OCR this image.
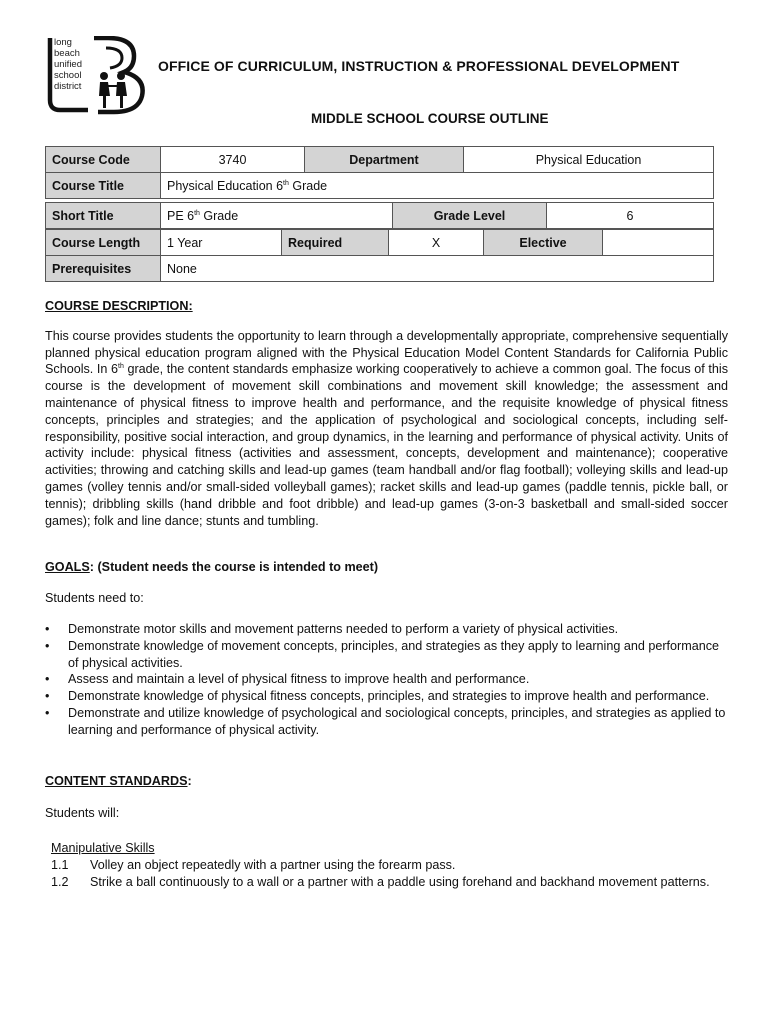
long
beach
unified
school
district
OFFICE OF CURRICULUM, INSTRUCTION & PROFESSIONAL DEVELOPMENT
MIDDLE SCHOOL COURSE OUTLINE
Course Code	3740	Department	Physical Education
Course Title	Physical Education 6th Grade		
Short Title	PE 6th Grade	Grade Level	6
Course Length	1 Year	Required	X	Elective	
Prerequisites	None
COURSE DESCRIPTION:
This course provides students the opportunity to learn through a developmentally appropriate, comprehensive sequentially planned physical education program aligned with the Physical Education Model Content Standards for California Public Schools. In 6th grade, the content standards emphasize working cooperatively to achieve a common goal. The focus of this course is the development of movement skill combinations and movement skill knowledge; the assessment and maintenance of physical fitness to improve health and performance, and the requisite knowledge of physical fitness concepts, principles and strategies; and the application of psychological and sociological concepts, including self-responsibility, positive social interaction, and group dynamics, in the learning and performance of physical activity. Units of activity include: physical fitness (activities and assessment, concepts, development and maintenance); cooperative activities; throwing and catching skills and lead-up games (team handball and/or flag football); volleying skills and lead-up games (volley tennis and/or small-sided volleyball games); racket skills and lead-up games (paddle tennis, pickle ball, or tennis); dribbling skills (hand dribble and foot dribble) and lead-up games (3-on-3 basketball and small-sided soccer games); folk and line dance; stunts and tumbling.
GOALS: (Student needs the course is intended to meet)
Students need to:
• Demonstrate motor skills and movement patterns needed to perform a variety of physical activities.
• Demonstrate knowledge of movement concepts, principles, and strategies as they apply to learning and performance of physical activities.
• Assess and maintain a level of physical fitness to improve health and performance.
• Demonstrate knowledge of physical fitness concepts, principles, and strategies to improve health and performance.
• Demonstrate and utilize knowledge of psychological and sociological concepts, principles, and strategies as applied to learning and performance of physical activity.
CONTENT STANDARDS:
Students will:
Manipulative Skills
1.1 Volley an object repeatedly with a partner using the forearm pass.
1.2 Strike a ball continuously to a wall or a partner with a paddle using forehand and backhand movement patterns.
